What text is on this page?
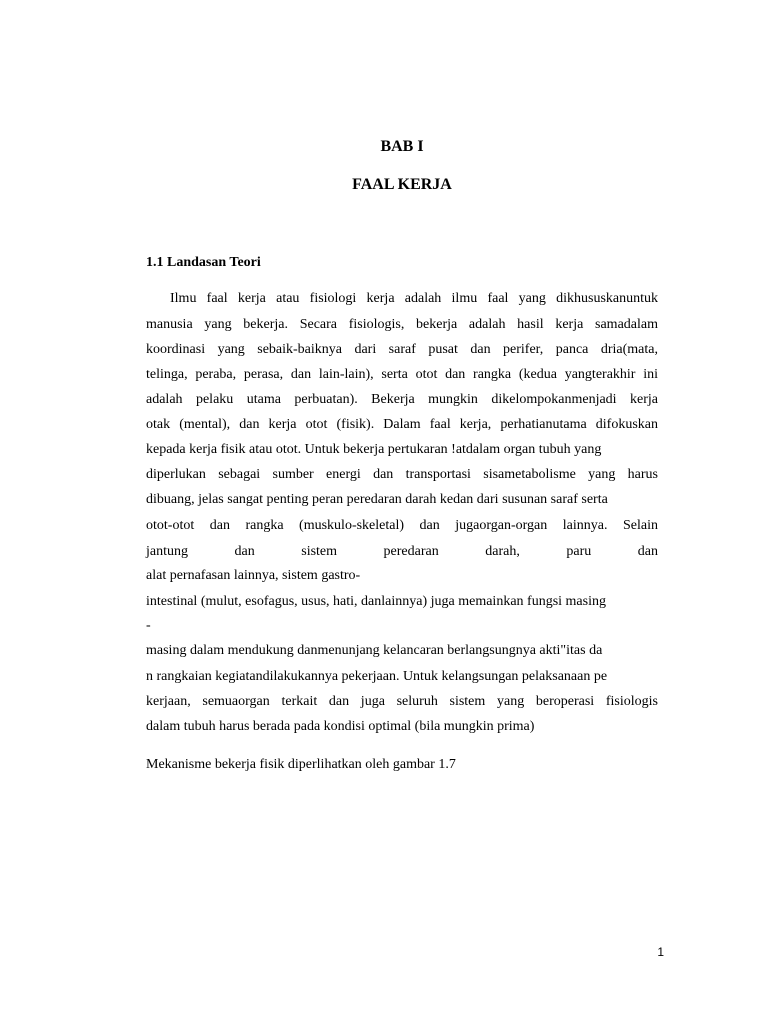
BAB I
FAAL KERJA
1.1 Landasan Teori

Ilmu faal kerja atau fisiologi kerja adalah ilmu faal yang dikhususkanuntuk

manusia yang bekerja. Secara fisiologis, bekerja adalah hasil kerja samadalam

koordinasi yang sebaik-baiknya dari saraf pusat dan perifer, panca dria(mata,

telinga, peraba, perasa, dan lain-lain), serta otot dan rangka (kedua yangterakhir ini

adalah pelaku utama perbuatan). Bekerja mungkin dikelompokanmenjadi kerja

otak (mental), dan kerja otot (fisik). Dalam faal kerja, perhatianutama difokuskan

kepada kerja fisik atau otot. Untuk bekerja pertukaran !atdalam organ tubuh yang

diperlukan sebagai sumber energi dan transportasi sisametabolisme yang harus

dibuang, jelas sangat penting peran peredaran darah kedan dari susunan saraf serta

otot-otot dan rangka (muskulo-skeletal) dan jugaorgan-organ lainnya. Selain

jantung dan sistem peredaran darah, paru dan

alat pernafasan lainnya, sistem gastro-

intestinal (mulut, esofagus, usus, hati, danlainnya) juga memainkan fungsi masing

-

masing dalam mendukung danmenunjang kelancaran berlangsungnya akti"itas da

n rangkaian kegiatandilakukannya pekerjaan. Untuk kelangsungan pelaksanaan pe

kerjaan, semuaorgan terkait dan juga seluruh sistem yang beroperasi fisiologis

dalam tubuh harus berada pada kondisi optimal (bila mungkin prima)

Mekanisme bekerja fisik diperlihatkan oleh gambar 1.7

1
